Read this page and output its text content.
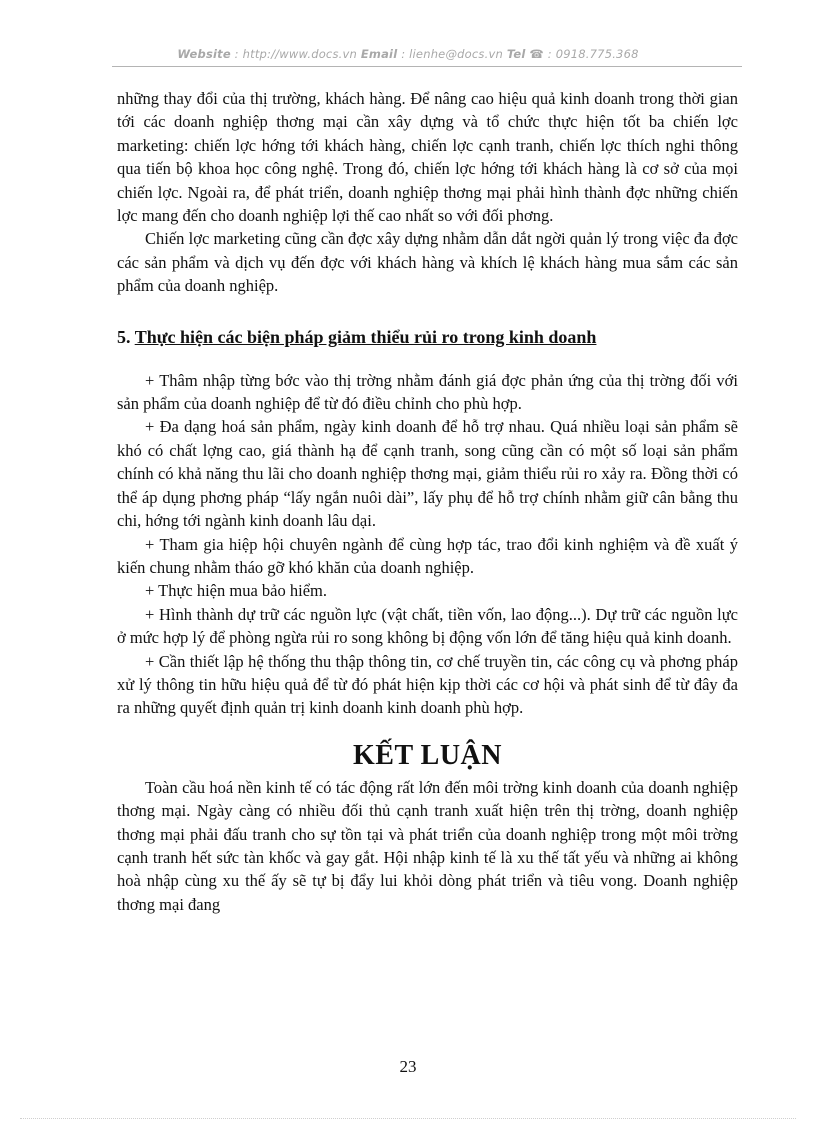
Website : http://www.docs.vn Email : lienhe@docs.vn Tel ☎ : 0918.775.368

những thay đổi của thị trường, khách hàng. Để nâng cao hiệu quả kinh doanh trong thời gian tới các doanh nghiệp thơng mại cần xây dựng và tổ chức thực hiện tốt ba chiến lợc marketing: chiến lợc hớng tới khách hàng, chiến lợc cạnh tranh, chiến lợc thích nghi thông qua tiến bộ khoa học công nghệ. Trong đó, chiến lợc hớng tới khách hàng là cơ sở của mọi chiến lợc. Ngoài ra, để phát triển, doanh nghiệp thơng mại phải hình thành đợc những chiến lợc mang đến cho doanh nghiệp lợi thế cao nhất so với đối phơng.

Chiến lợc marketing cũng cần đợc xây dựng nhằm dẫn dắt ngời quản lý trong việc đa đợc các sản phẩm và dịch vụ đến đợc với khách hàng và khích lệ khách hàng mua sắm các sản phẩm của doanh nghiệp.

5. Thực hiện các biện pháp giảm thiểu rủi ro trong kinh doanh

+ Thâm nhập từng bớc vào thị trờng nhằm đánh giá đợc phản ứng của thị trờng đối với sản phẩm của doanh nghiệp để từ đó điều chỉnh cho phù hợp.

+ Đa dạng hoá sản phẩm, ngày kinh doanh để hỗ trợ nhau. Quá nhiều loại sản phẩm sẽ khó có chất lợng cao, giá thành hạ để cạnh tranh, song cũng cần có một số loại sản phẩm chính có khả năng thu lãi cho doanh nghiệp thơng mại, giảm thiểu rủi ro xảy ra. Đồng thời có thể áp dụng phơng pháp “lấy ngắn nuôi dài”, lấy phụ để hỗ trợ chính nhằm giữ cân bằng thu chi, hớng tới ngành kinh doanh lâu dại.

+ Tham gia hiệp hội chuyên ngành để cùng hợp tác, trao đổi kinh nghiệm và đề xuất ý kiến chung nhằm tháo gỡ khó khăn của doanh nghiệp.

+ Thực hiện mua bảo hiểm.

+ Hình thành dự trữ các nguồn lực (vật chất, tiền vốn, lao động...). Dự trữ các nguồn lực ở mức hợp lý để phòng ngừa rủi ro song không bị động vốn lớn để tăng hiệu quả kinh doanh.

+ Cần thiết lập hệ thống thu thập thông tin, cơ chế truyền tin, các công cụ và phơng pháp xử lý thông tin hữu hiệu quả để từ đó phát hiện kịp thời các cơ hội và phát sinh để từ đây đa ra những quyết định quản trị kinh doanh kinh doanh phù hợp.

KẾT LUẬN

Toàn cầu hoá nền kinh tế có tác động rất lớn đến môi trờng kinh doanh của doanh nghiệp thơng mại. Ngày càng có nhiều đối thủ cạnh tranh xuất hiện trên thị trờng, doanh nghiệp thơng mại phải đấu tranh cho sự tồn tại và phát triển của doanh nghiệp trong một môi trờng cạnh tranh hết sức tàn khốc và gay gắt. Hội nhập kinh tế là xu thế tất yếu và những ai không hoà nhập cùng xu thế ấy sẽ tự bị đẩy lui khỏi dòng phát triển và tiêu vong. Doanh nghiệp thơng mại đang

23
